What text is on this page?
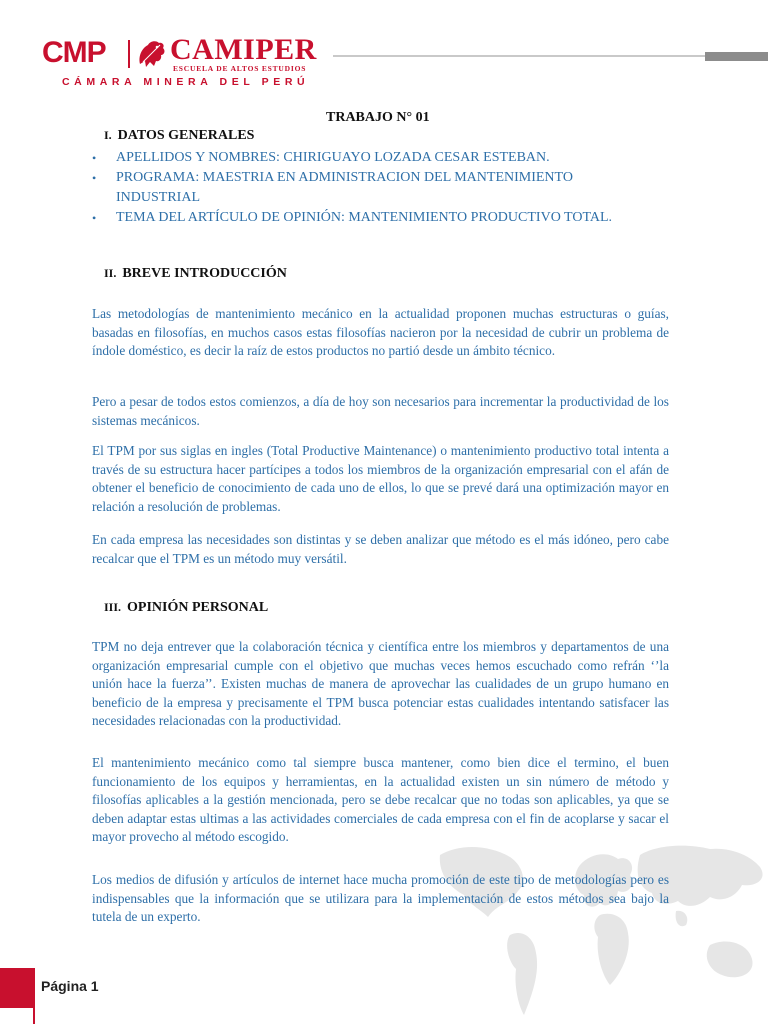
CMP CAMIPER
ESCUELA DE ALTOS ESTUDIOS
CÁMARA MINERA DEL PERÚ
TRABAJO N° 01
I. DATOS GENERALES
• APELLIDOS Y NOMBRES: CHIRIGUAYO LOZADA CESAR ESTEBAN.
• PROGRAMA: MAESTRIA EN ADMINISTRACION DEL MANTENIMIENTO INDUSTRIAL
• TEMA DEL ARTÍCULO DE OPINIÓN: MANTENIMIENTO PRODUCTIVO TOTAL.
II. BREVE INTRODUCCIÓN

Las metodologías de mantenimiento mecánico en la actualidad proponen muchas estructuras o guías, basadas en filosofías, en muchos casos estas filosofías nacieron por la necesidad de cubrir un problema de índole doméstico, es decir la raíz de estos productos no partió desde un ámbito técnico.

Pero a pesar de todos estos comienzos, a día de hoy son necesarios para incrementar la productividad de los sistemas mecánicos.

El TPM por sus siglas en ingles (Total Productive Maintenance) o mantenimiento productivo total intenta a través de su estructura hacer partícipes a todos los miembros de la organización empresarial con el afán de obtener el beneficio de conocimiento de cada uno de ellos, lo que se prevé dará una optimización mayor en relación a resolución de problemas.

En cada empresa las necesidades son distintas y se deben analizar que método es el más idóneo, pero cabe recalcar que el TPM es un método muy versátil.

III. OPINIÓN PERSONAL

TPM no deja entrever que la colaboración técnica y científica entre los miembros y departamentos de una organización empresarial cumple con el objetivo que muchas veces hemos escuchado como refrán ‘’la unión hace la fuerza’’. Existen muchas de manera de aprovechar las cualidades de un grupo humano en beneficio de la empresa y precisamente el TPM busca potenciar estas cualidades intentando satisfacer las necesidades relacionadas con la productividad.

El mantenimiento mecánico como tal siempre busca mantener, como bien dice el termino, el buen funcionamiento de los equipos y herramientas, en la actualidad existen un sin número de método y filosofías aplicables a la gestión mencionada, pero se debe recalcar que no todas son aplicables, ya que se deben adaptar estas ultimas a las actividades comerciales de cada empresa con el fin de acoplarse y sacar el mayor provecho al método escogido.

Los medios de difusión y artículos de internet hace mucha promoción de este tipo de metodologías pero es indispensables que la información que se utilizara para la implementación de estos métodos sea bajo la tutela de un experto.

Página 1
